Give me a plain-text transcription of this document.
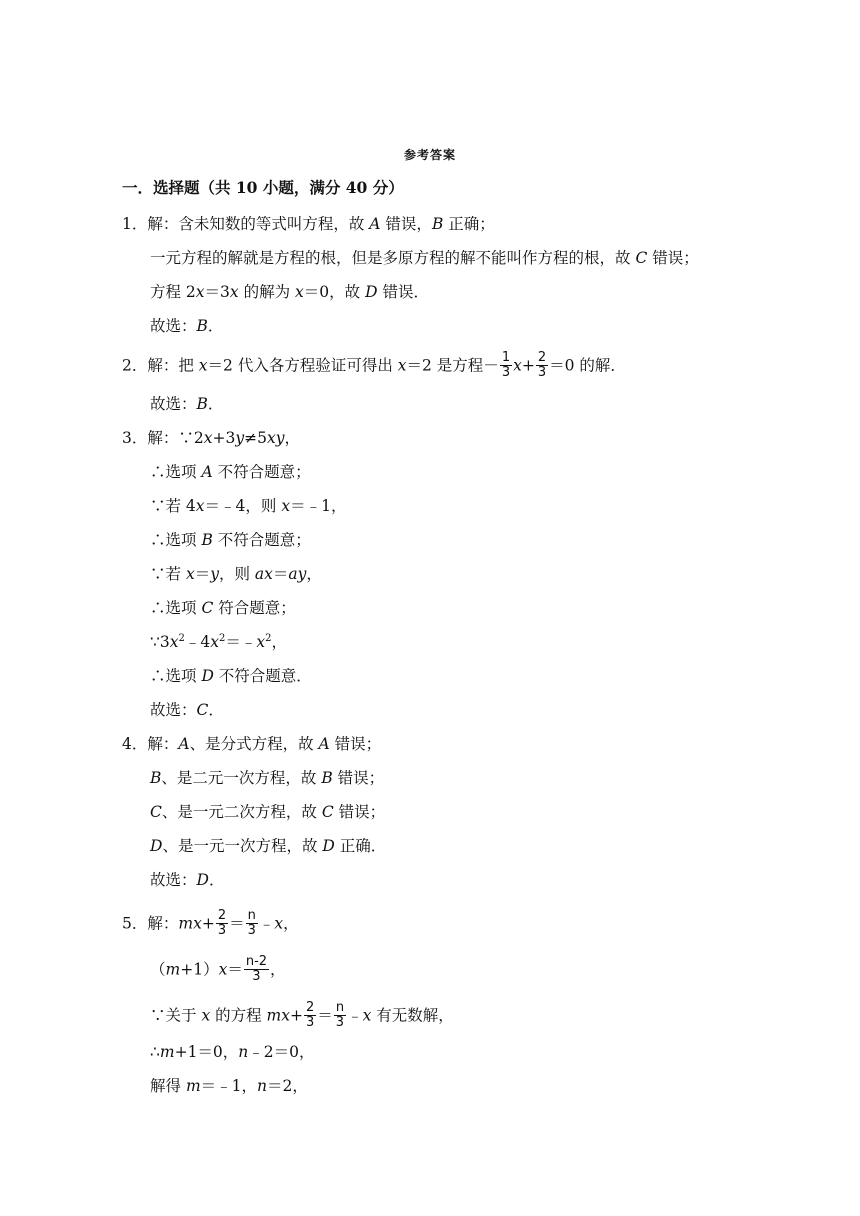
参考答案
一．选择题（共 10 小题，满分 40 分）
1．解：含未知数的等式叫方程，故 A 错误，B 正确；
一元方程的解就是方程的根，但是多原方程的解不能叫作方程的根，故 C 错误；
方程 2x＝3x 的解为 x＝0，故 D 错误．
故选：B．
2．解：把 x＝2 代入各方程验证可得出 x＝2 是方程－ $\frac{1}{3} x+ \frac{2}{3} =0$ 的解．
故选：B．
3．解：∵2x+3y≠5xy，
∴选项 A 不符合题意；
∵若 4x＝﹣4，则 x＝﹣1，
∴选项 B 不符合题意；
∵若 x＝y，则 ax＝ay，
∴选项 C 符合题意；
$\because 3x^2﹣4x^2=﹣x^2$，
∴选项 D 不符合题意．
故选：C．
4．解：A、是分式方程，故 A 错误；
B、是二元一次方程，故 B 错误；
C、是一元二次方程，故 C 错误；
D、是一元一次方程，故 D 正确．
故选：D．
5．解：$mx+ \frac{2}{3} = \frac{n}{3}$ ﹣x，
$(m+1)x= \frac{n-2}{3}$ ，
∵关于 x 的方程 $mx+ \frac{2}{3} = \frac{n}{3}$ ﹣x 有无数解，
∴m+1＝0，n﹣2＝0，
解得 m＝﹣1，n＝2，
